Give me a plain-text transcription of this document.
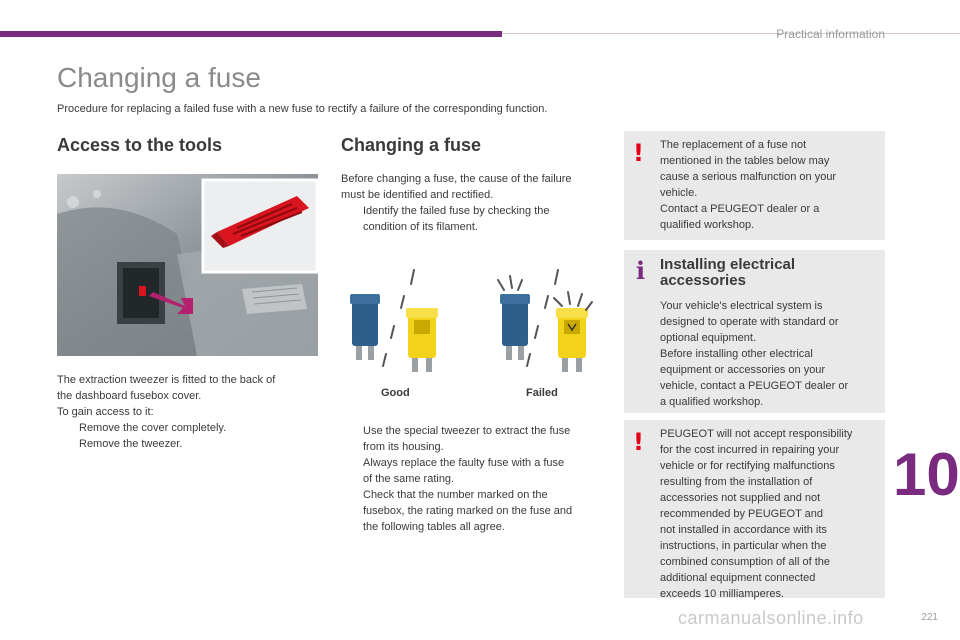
Practical information
Changing a fuse

Procedure for replacing a failed fuse with a new fuse to rectify a failure of the corresponding function.

Access to the tools	Changing a fuse
The extraction tweezer is fitted to the back of
the dashboard fusebox cover.
To gain access to it:
Remove the cover completely.
Remove the tweezer.
Before changing a fuse, the cause of the failure
must be identified and rectified.
Identify the failed fuse by checking the
condition of its filament.
Good	Failed
Use the special tweezer to extract the fuse
from its housing.
Always replace the faulty fuse with a fuse
of the same rating.
Check that the number marked on the
fusebox, the rating marked on the fuse and
the following tables all agree.
! The replacement of a fuse not
mentioned in the tables below may
cause a serious malfunction on your
vehicle.
Contact a PEUGEOT dealer or a
qualified workshop.
i Installing electrical
accessories
Your vehicle's electrical system is
designed to operate with standard or
optional equipment.
Before installing other electrical
equipment or accessories on your
vehicle, contact a PEUGEOT dealer or
a qualified workshop.
! PEUGEOT will not accept responsibility
for the cost incurred in repairing your
vehicle or for rectifying malfunctions
resulting from the installation of
accessories not supplied and not
recommended by PEUGEOT and
not installed in accordance with its
instructions, in particular when the
combined consumption of all of the
additional equipment connected
exceeds 10 milliamperes.
10
carmanualsonline.info	221
